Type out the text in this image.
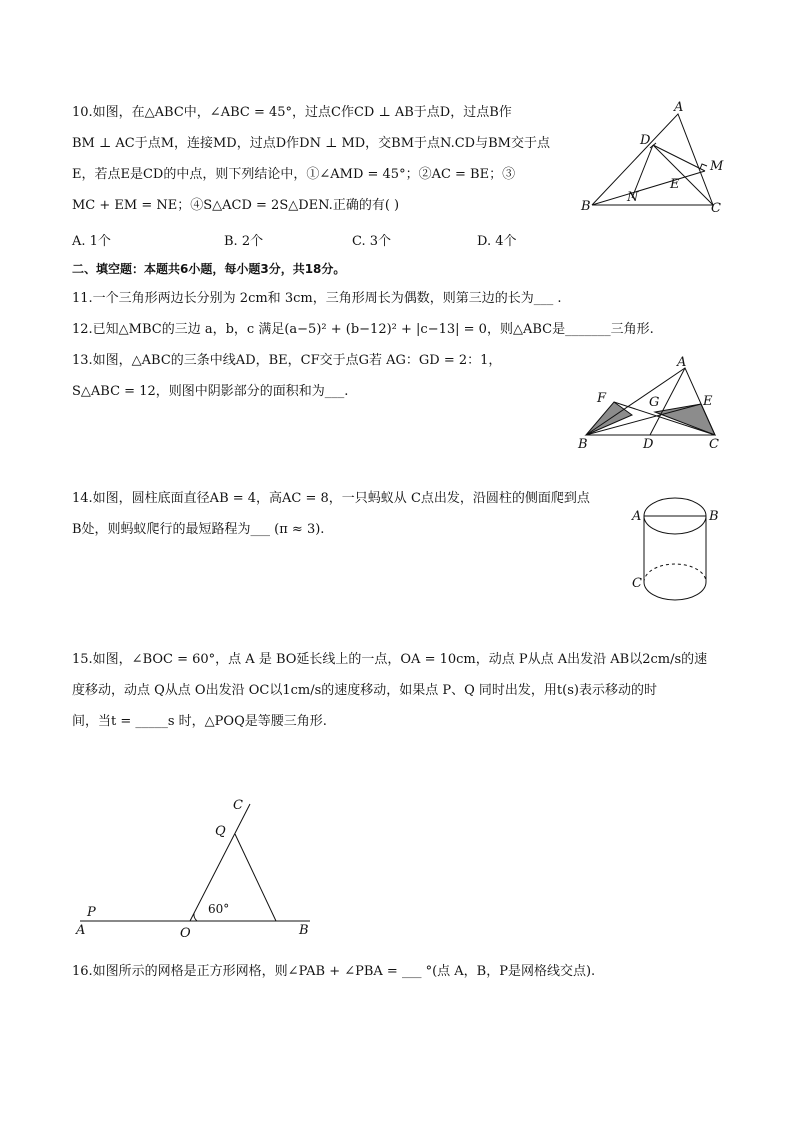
10.如图，在△ABC中，∠ABC = 45°，过点C作CD ⊥ AB于点D，过点B作
BM ⊥ AC于点M，连接MD，过点D作DN ⊥ MD，交BM于点N.CD与BM交于点
E，若点E是CD的中点，则下列结论中，①∠AMD = 45°；②AC = BE；③
MC + EM = NE；④S△ACD = 2S△DEN.正确的有( )
A. 1个	B. 2个	C. 3个	D. 4个
A
B	C
D
M
E
N
二、填空题：本题共6小题，每小题3分，共18分。
11.一个三角形两边长分别为 2cm和 3cm，三角形周长为偶数，则第三边的长为___ .
12.已知△MBC的三边 a，b，c 满足(a−5)² + (b−12)² + |c−13| = 0，则△ABC是_______三角形.
13.如图，△ABC的三条中线AD，BE，CF交于点G若 AG：GD = 2：1，
S△ABC = 12，则图中阴影部分的面积和为___.
A
B	C
D
E
F	G
14.如图，圆柱底面直径AB = 4，高AC = 8，一只蚂蚁从 C点出发，沿圆柱的侧面爬到点
B处，则蚂蚁爬行的最短路程为___ (π ≈ 3).
A	B
C
15.如图，∠BOC = 60°，点 A 是 BO延长线上的一点，OA = 10cm，动点 P从点 A出发沿 AB以2cm/s的速
度移动，动点 Q从点 O出发沿 OC以1cm/s的速度移动，如果点 P、Q 同时出发，用t(s)表示移动的时
间，当t = _____s 时，△POQ是等腰三角形.
A	B
C
O
P
Q
60°
16.如图所示的网格是正方形网格，则∠PAB + ∠PBA = ___ °(点 A，B，P是网格线交点).
